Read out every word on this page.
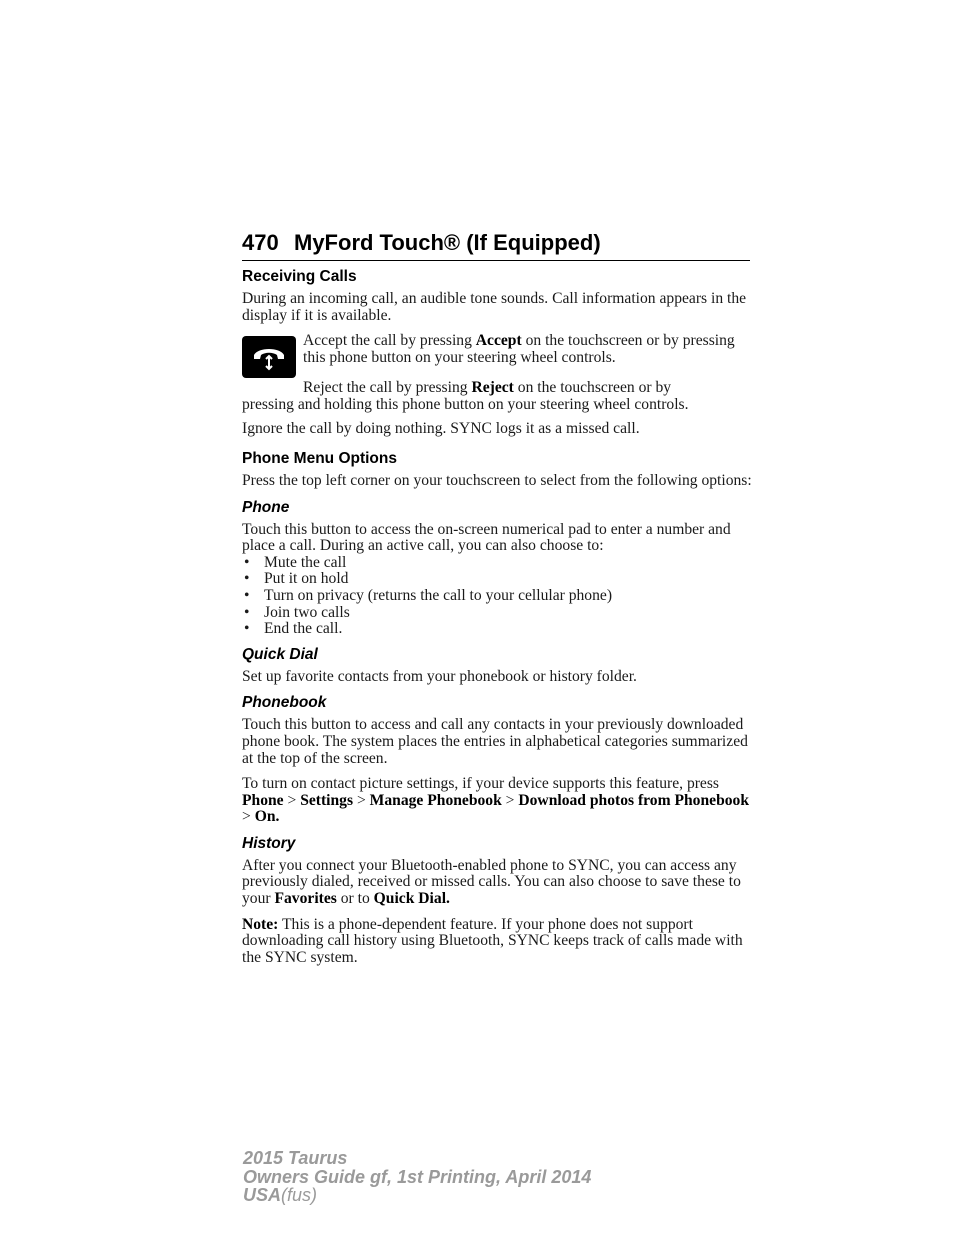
470 MyFord Touch® (If Equipped)
Receiving Calls

During an incoming call, an audible tone sounds. Call information appears in the display if it is available.

Accept the call by pressing Accept on the touchscreen or by pressing this phone button on your steering wheel controls.

Reject the call by pressing Reject on the touchscreen or by
pressing and holding this phone button on your steering wheel controls.

Ignore the call by doing nothing. SYNC logs it as a missed call.

Phone Menu Options

Press the top left corner on your touchscreen to select from the following options:

Phone

Touch this button to access the on-screen numerical pad to enter a number and place a call. During an active call, you can also choose to:

• Mute the call
• Put it on hold
• Turn on privacy (returns the call to your cellular phone)
• Join two calls
• End the call.
Quick Dial

Set up favorite contacts from your phonebook or history folder.

Phonebook

Touch this button to access and call any contacts in your previously downloaded phone book. The system places the entries in alphabetical categories summarized at the top of the screen.

To turn on contact picture settings, if your device supports this feature, press Phone > Settings > Manage Phonebook > Download photos from Phonebook > On.

History

After you connect your Bluetooth-enabled phone to SYNC, you can access any previously dialed, received or missed calls. You can also choose to save these to your Favorites or to Quick Dial.

Note: This is a phone-dependent feature. If your phone does not support downloading call history using Bluetooth, SYNC keeps track of calls made with the SYNC system.

2015 Taurus
Owners Guide gf, 1st Printing, April 2014
USA(fus)
